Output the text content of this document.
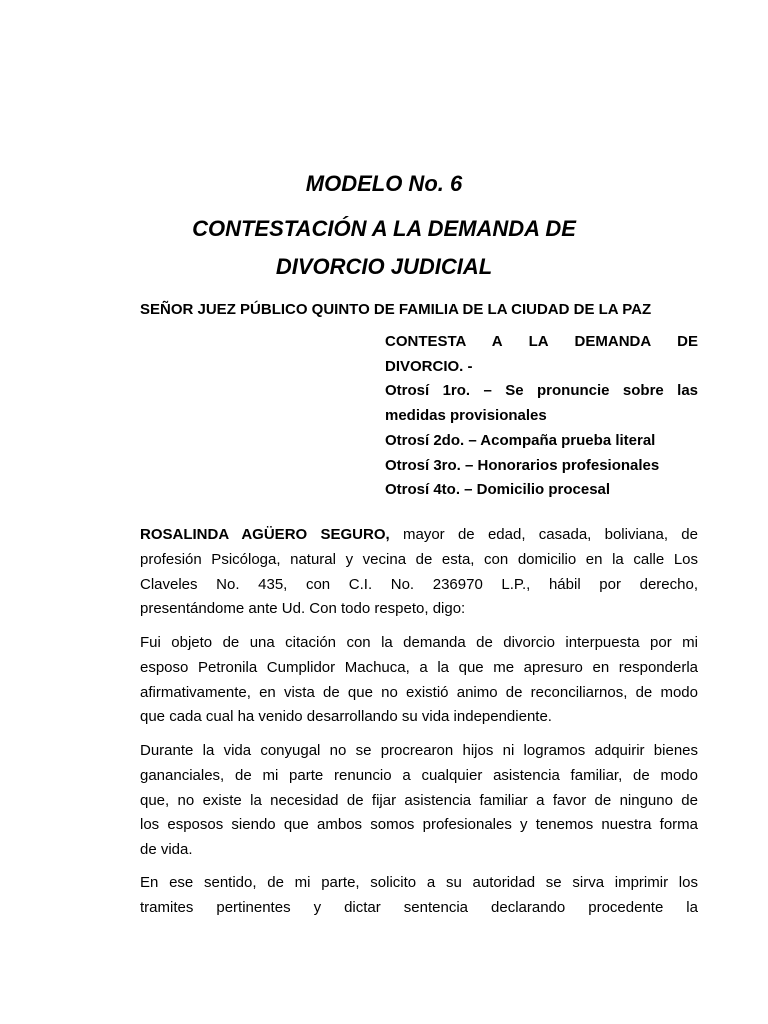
MODELO No. 6
CONTESTACIÓN A LA DEMANDA DE
DIVORCIO JUDICIAL
SEÑOR JUEZ PÚBLICO QUINTO DE FAMILIA DE LA CIUDAD DE LA PAZ
CONTESTA A LA DEMANDA DE
DIVORCIO. -
Otrosí 1ro. – Se pronuncie sobre las
medidas provisionales
Otrosí 2do. – Acompaña prueba literal
Otrosí 3ro. – Honorarios profesionales
Otrosí 4to. – Domicilio procesal
ROSALINDA AGÜERO SEGURO, mayor de edad, casada, boliviana, de
profesión Psicóloga, natural y vecina de esta, con domicilio en la calle Los
Claveles No. 435, con C.I. No. 236970 L.P., hábil por derecho,
presentándome ante Ud. Con todo respeto, digo:
Fui objeto de una citación con la demanda de divorcio interpuesta por mi
esposo Petronila Cumplidor Machuca, a la que me apresuro en responderla
afirmativamente, en vista de que no existió animo de reconciliarnos, de modo
que cada cual ha venido desarrollando su vida independiente.
Durante la vida conyugal no se procrearon hijos ni logramos adquirir bienes
gananciales, de mi parte renuncio a cualquier asistencia familiar, de modo
que, no existe la necesidad de fijar asistencia familiar a favor de ninguno de
los esposos siendo que ambos somos profesionales y tenemos nuestra forma
de vida.
En ese sentido, de mi parte, solicito a su autoridad se sirva imprimir los
tramites pertinentes y dictar sentencia declarando procedente la
